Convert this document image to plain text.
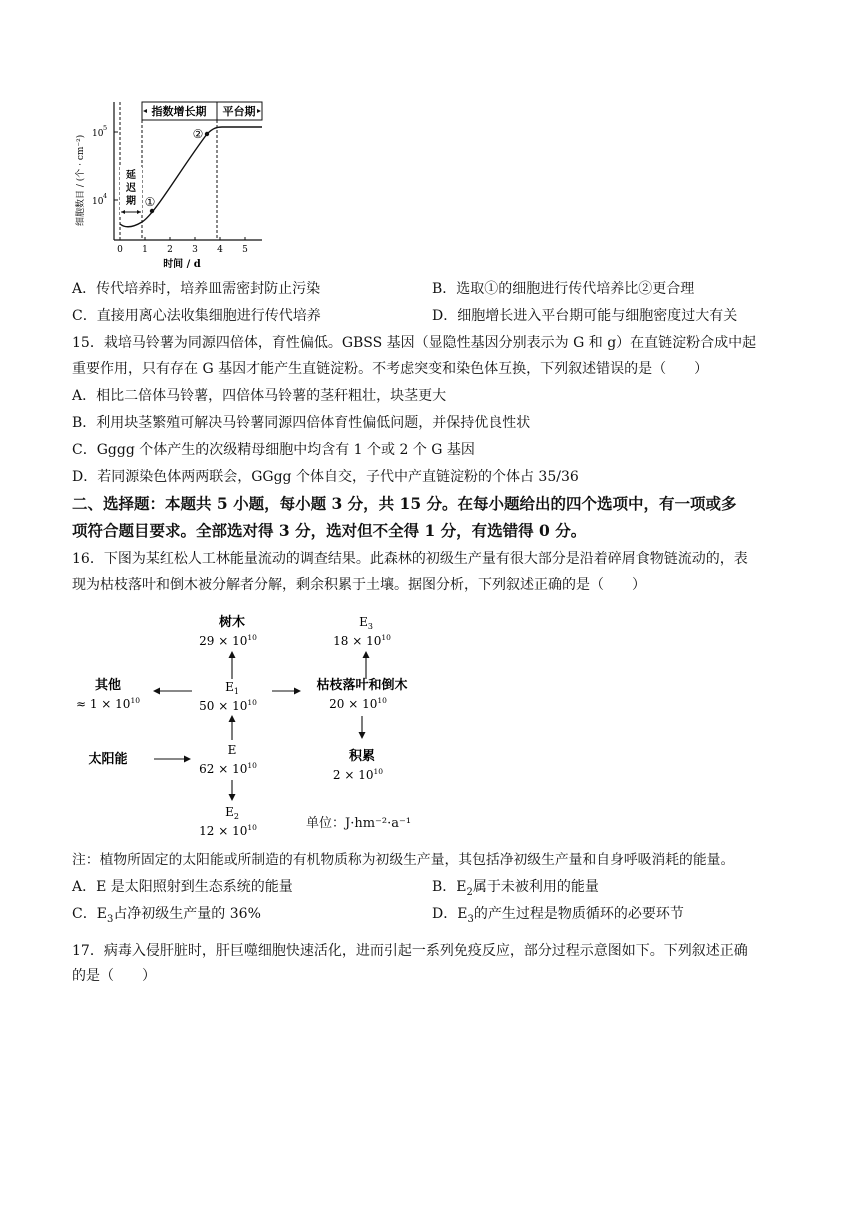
指数增长期 平台期
延
迟
期 ①
②
10
5
10
4
细胞数目 / (个 · cm⁻²)
0 1 2 3 4 5
时间 / d
A．传代培养时，培养皿需密封防止污染	B．选取①的细胞进行传代培养比②更合理
C．直接用离心法收集细胞进行传代培养	D．细胞增长进入平台期可能与细胞密度过大有关
15．栽培马铃薯为同源四倍体，育性偏低。GBSS 基因（显隐性基因分别表示为 G 和 g）在直链淀粉合成中起
重要作用，只有存在 G 基因才能产生直链淀粉。不考虑突变和染色体互换，下列叙述错误的是（　　）
A．相比二倍体马铃薯，四倍体马铃薯的茎秆粗壮，块茎更大
B．利用块茎繁殖可解决马铃薯同源四倍体育性偏低问题，并保持优良性状
C．Gggg 个体产生的次级精母细胞中均含有 1 个或 2 个 G 基因
D．若同源染色体两两联会，GGgg 个体自交，子代中产直链淀粉的个体占 35/36
二、选择题：本题共 5 小题，每小题 3 分，共 15 分。在每小题给出的四个选项中，有一项或多
项符合题目要求。全部选对得 3 分，选对但不全得 1 分，有选错得 0 分。
16．下图为某红松人工林能量流动的调查结果。此森林的初级生产量有很大部分是沿着碎屑食物链流动的，表
现为枯枝落叶和倒木被分解者分解，剩余积累于土壤。据图分析，下列叙述正确的是（　　）
树木
$29 \times 10^{10}$
$E_3$
$18 \times 10^{10}$
其他
≈ $1 \times 10^{10}$
$E_1$
$50 \times 10^{10}$
枯枝落叶和倒木
$20 \times 10^{10}$
太阳能
E
$62 \times 10^{10}$
积累
$2 \times 10^{10}$
$E_2$
$12 \times 10^{10}$	单位：J·hm⁻²·a⁻¹
注：植物所固定的太阳能或所制造的有机物质称为初级生产量，其包括净初级生产量和自身呼吸消耗的能量。
A．E 是太阳照射到生态系统的能量	B．$E_2$属于未被利用的能量
C．$E_3$占净初级生产量的 36%	D．$E_3$的产生过程是物质循环的必要环节
17．病毒入侵肝脏时，肝巨噬细胞快速活化，进而引起一系列免疫反应，部分过程示意图如下。下列叙述正确
的是（　　）
